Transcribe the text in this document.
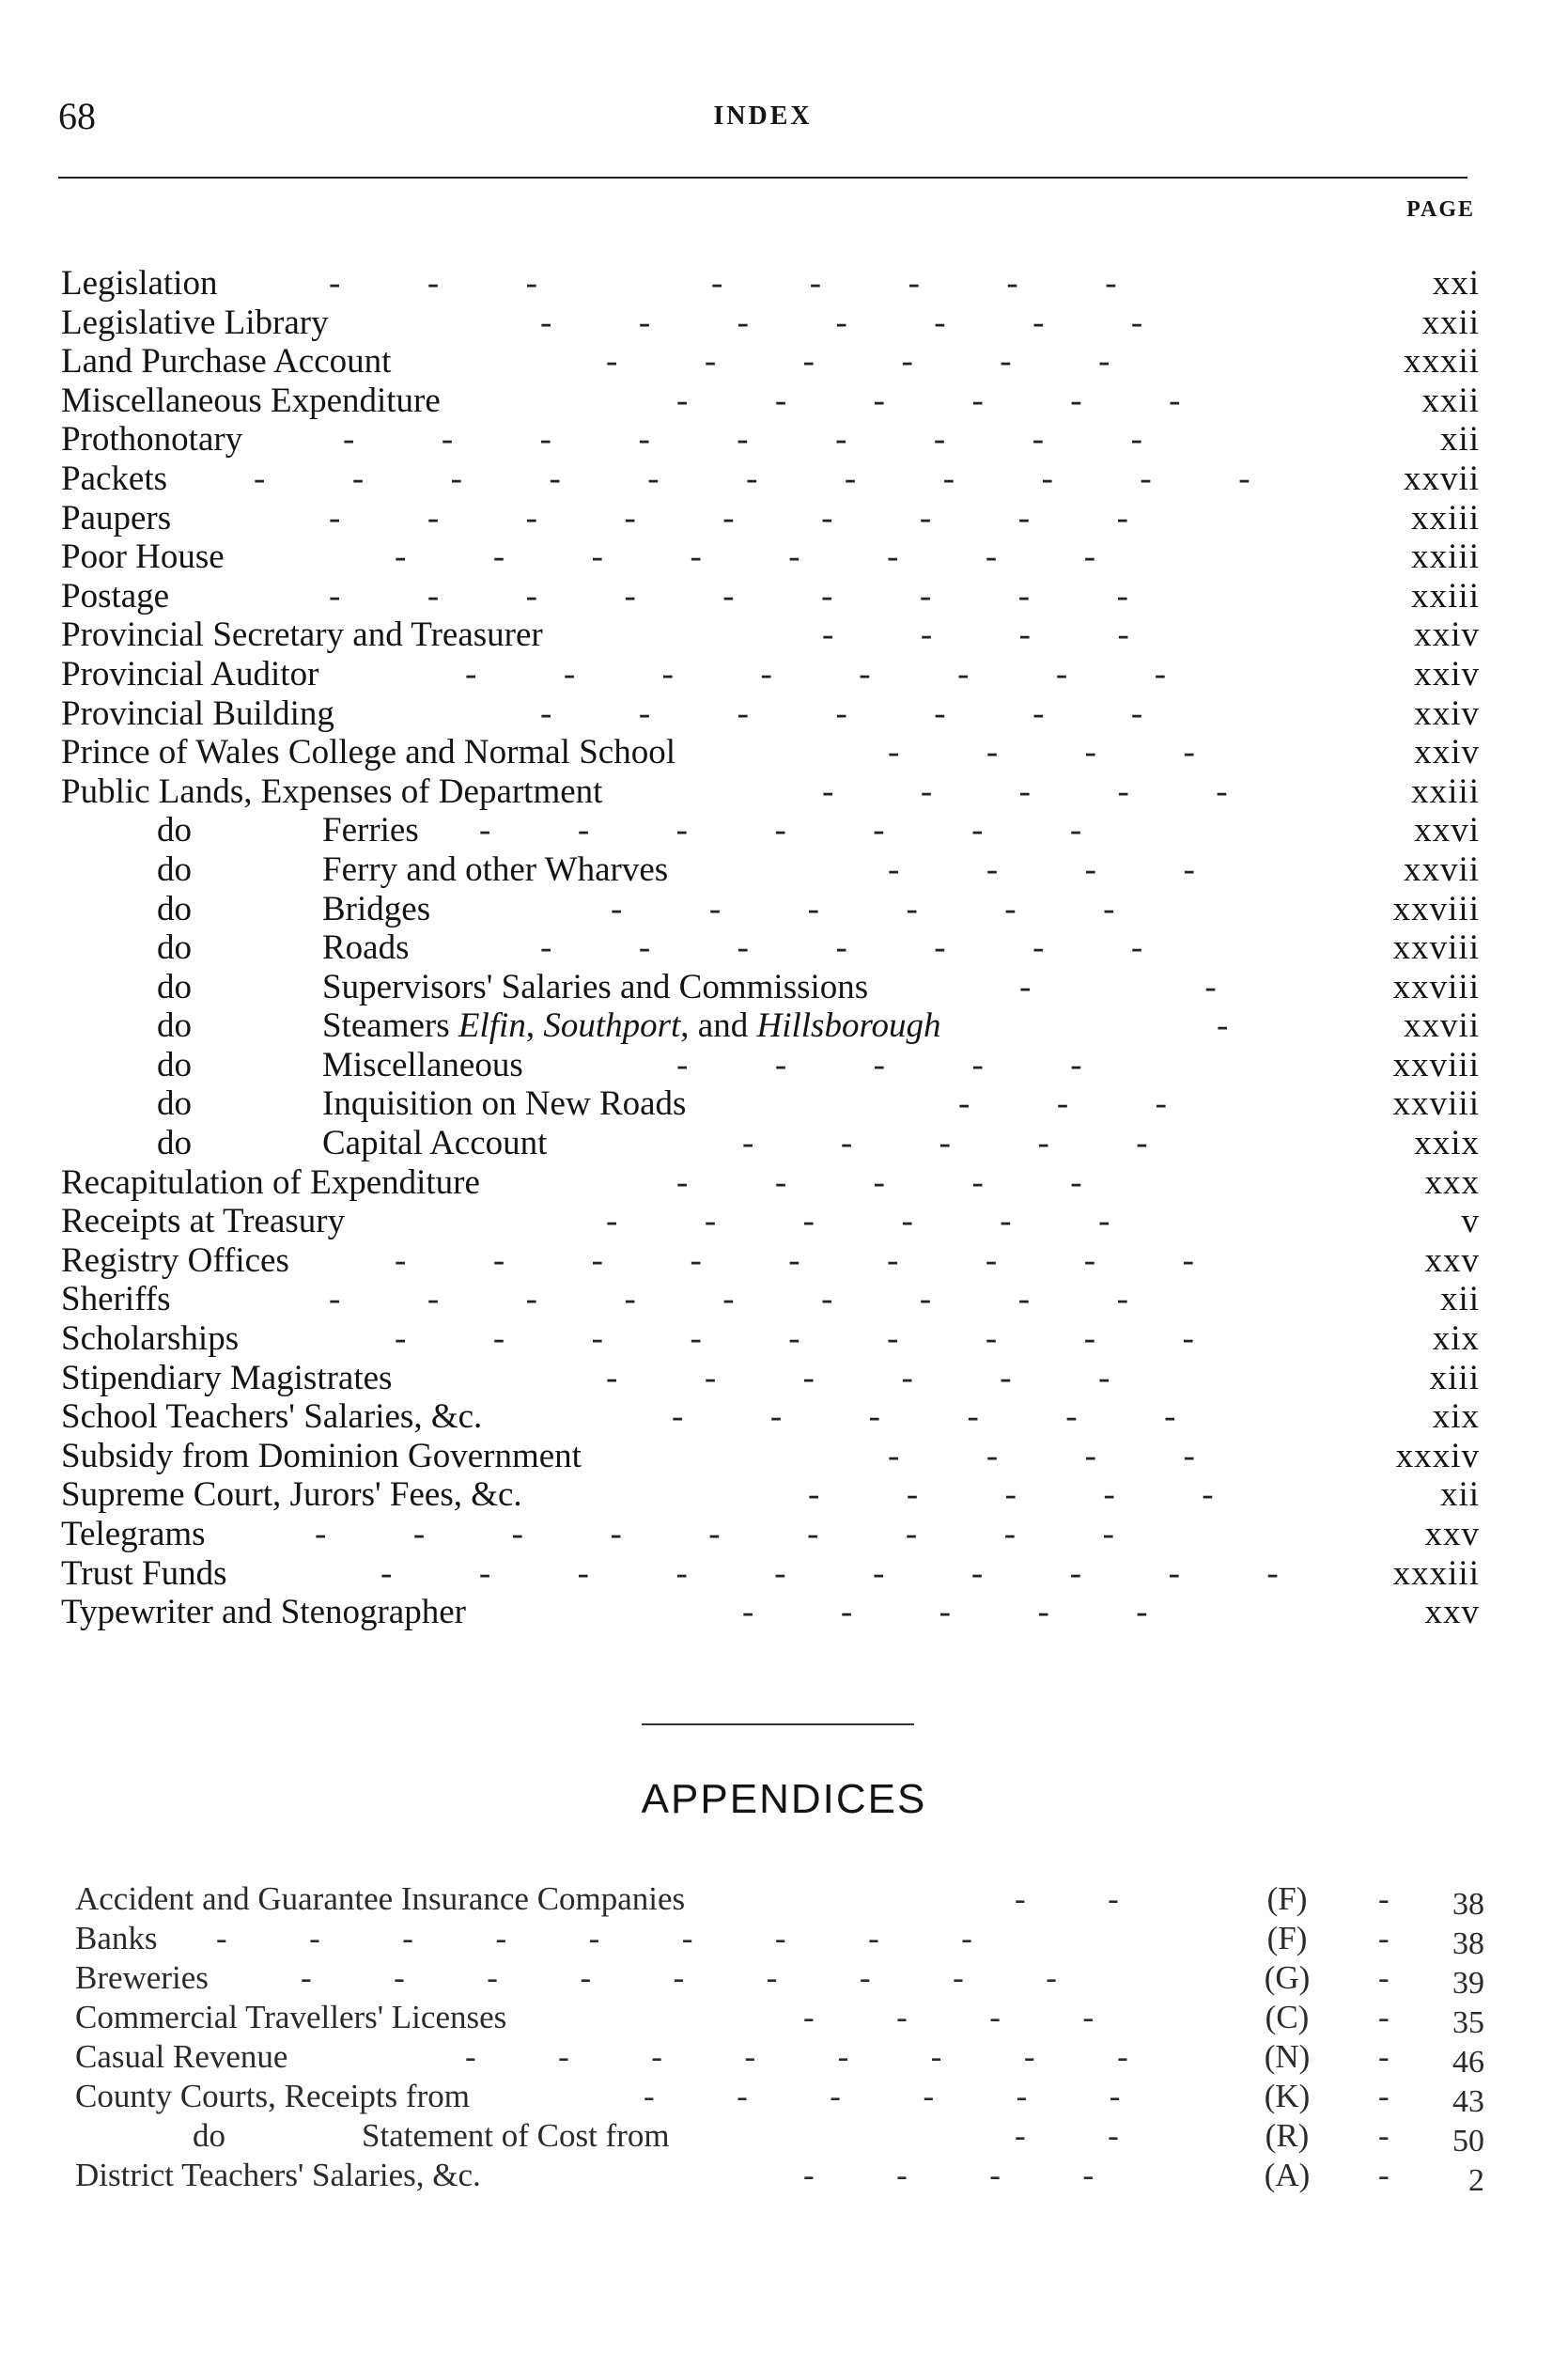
68	INDEX
PAGE
Legislation	-          -          -                    -          -          -          -          -	xxi
Legislative Library	-          -          -          -          -          -          -	xxii
Land Purchase Account	-          -          -          -          -          -	xxxii
Miscellaneous Expenditure	-          -          -          -          -          -	xxii
Prothonotary	-          -          -          -          -          -          -          -          -	xii
Packets -          -          -          -          -          -          -          -          -          -          -	xxvii
Paupers	-          -          -          -          -          -          -          -          -	xxiii
Poor House	-          -          -          -          -          -          -          -	xxiii
Postage	-          -          -          -          -          -          -          -          -	xxiii
Provincial Secretary and Treasurer	-          -          -          -	xxiv
Provincial Auditor	-          -          -          -          -          -          -          -	xxiv
Provincial Building	-          -          -          -          -          -          -	xxiv
Prince of Wales College and Normal School	-          -          -          -	xxiv
Public Lands, Expenses of Department	-          -          -          -          -	xxiii
do	Ferries -          -          -          -          -          -          -	xxvi
do	Ferry and other Wharves	-          -          -          -	xxvii
do	Bridges	-          -          -          -          -          -	xxviii
do	Roads	-          -          -          -          -          -          -	xxviii
do	Supervisors' Salaries and Commissions	-                    -	xxviii
do	Steamers Elfin, Southport, and Hillsborough	-	xxvii
do	Miscellaneous	-          -          -          -          -	xxviii
do	Inquisition on New Roads	-          -          -	xxviii
do	Capital Account	-          -          -          -          -	xxix
Recapitulation of Expenditure	-          -          -          -          -	xxx
Receipts at Treasury	-          -          -          -          -          -	v
Registry Offices	-          -          -          -          -          -          -          -          -	xxv
Sheriffs	-          -          -          -          -          -          -          -          -	xii
Scholarships	-          -          -          -          -          -          -          -          -	xix
Stipendiary Magistrates	-          -          -          -          -          -	xiii
School Teachers' Salaries, &c.	-          -          -          -          -          -	xix
Subsidy from Dominion Government	-          -          -          -	xxxiv
Supreme Court, Jurors' Fees, &c.	-          -          -          -          -	xii
Telegrams	-          -          -          -          -          -          -          -          -	xxv
Trust Funds	-          -          -          -          -          -          -          -          -          -	xxxiii
Typewriter and Stenographer	-          -          -          -          -	xxv
APPENDICES
Accident and Guarantee Insurance Companies	-          -	(F)	- 38
Banks -          -          -          -          -          -          -          -          -	(F)	- 38
Breweries	-          -          -          -          -          -          -          -          -	(G)	- 39
Commercial Travellers' Licenses	-          -          -          -	(C)	- 35
Casual Revenue	-          -          -          -          -          -          -          -	(N)	- 46
County Courts, Receipts from	-          -          -          -          -          -	(K)	- 43
do	Statement of Cost from	-          -	(R)	- 50
District Teachers' Salaries, &c.	-          -          -          -	(A)	- 2
